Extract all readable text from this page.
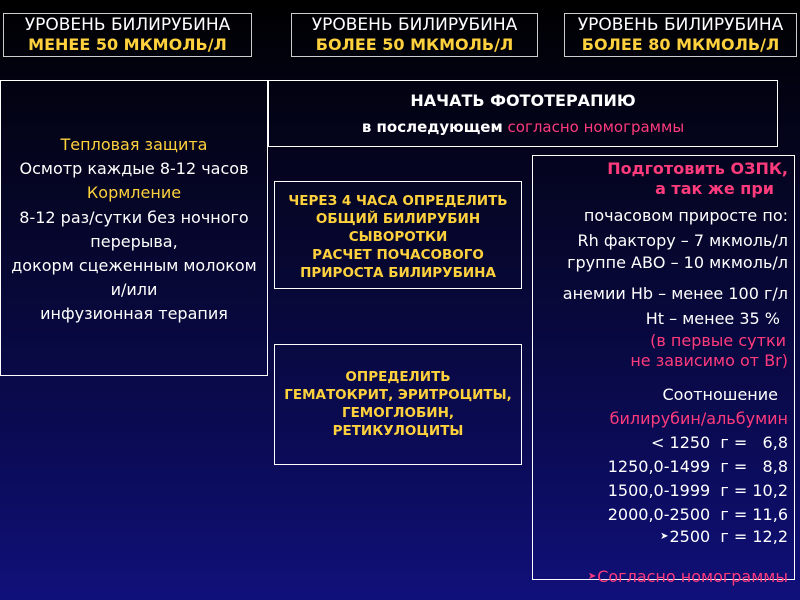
УРОВЕНЬ БИЛИРУБИНА
МЕНЕЕ 50 МКМОЛЬ/Л
УРОВЕНЬ БИЛИРУБИНА
БОЛЕЕ 50 МКМОЛЬ/Л
УРОВЕНЬ БИЛИРУБИНА
БОЛЕЕ 80 МКМОЛЬ/Л
Тепловая защита
Осмотр каждые 8-12 часов
Кормление
8-12 раз/сутки без ночного
перерыва,
докорм сцеженным молоком
и/или
инфузионная терапия
НАЧАТЬ ФОТОТЕРАПИЮ
в последующем согласно номограммы
ЧЕРЕЗ 4 ЧАСА ОПРЕДЕЛИТЬ
ОБЩИЙ БИЛИРУБИН
СЫВОРОТКИ
РАСЧЕТ ПОЧАСОВОГО
ПРИРОСТА БИЛИРУБИНА
ОПРЕДЕЛИТЬ
ГЕМАТОКРИТ, ЭРИТРОЦИТЫ,
ГЕМОГЛОБИН,
РЕТИКУЛОЦИТЫ
Подготовить ОЗПК,
а так же при
почасовом приросте по:
Rh фактору – 7 мкмоль/л
группе АВО – 10 мкмоль/л
анемии Hb – менее 100 г/л
Ht – менее 35 %
(в первые сутки
не зависимо от Br)
Соотношение
билирубин/альбумин
< 1250  г =   6,8
1250,0-1499  г =   8,8
1500,0-1999  г = 10,2
2000,0-2500  г = 11,6
➤2500  г = 12,2
➤Согласно номограммы
